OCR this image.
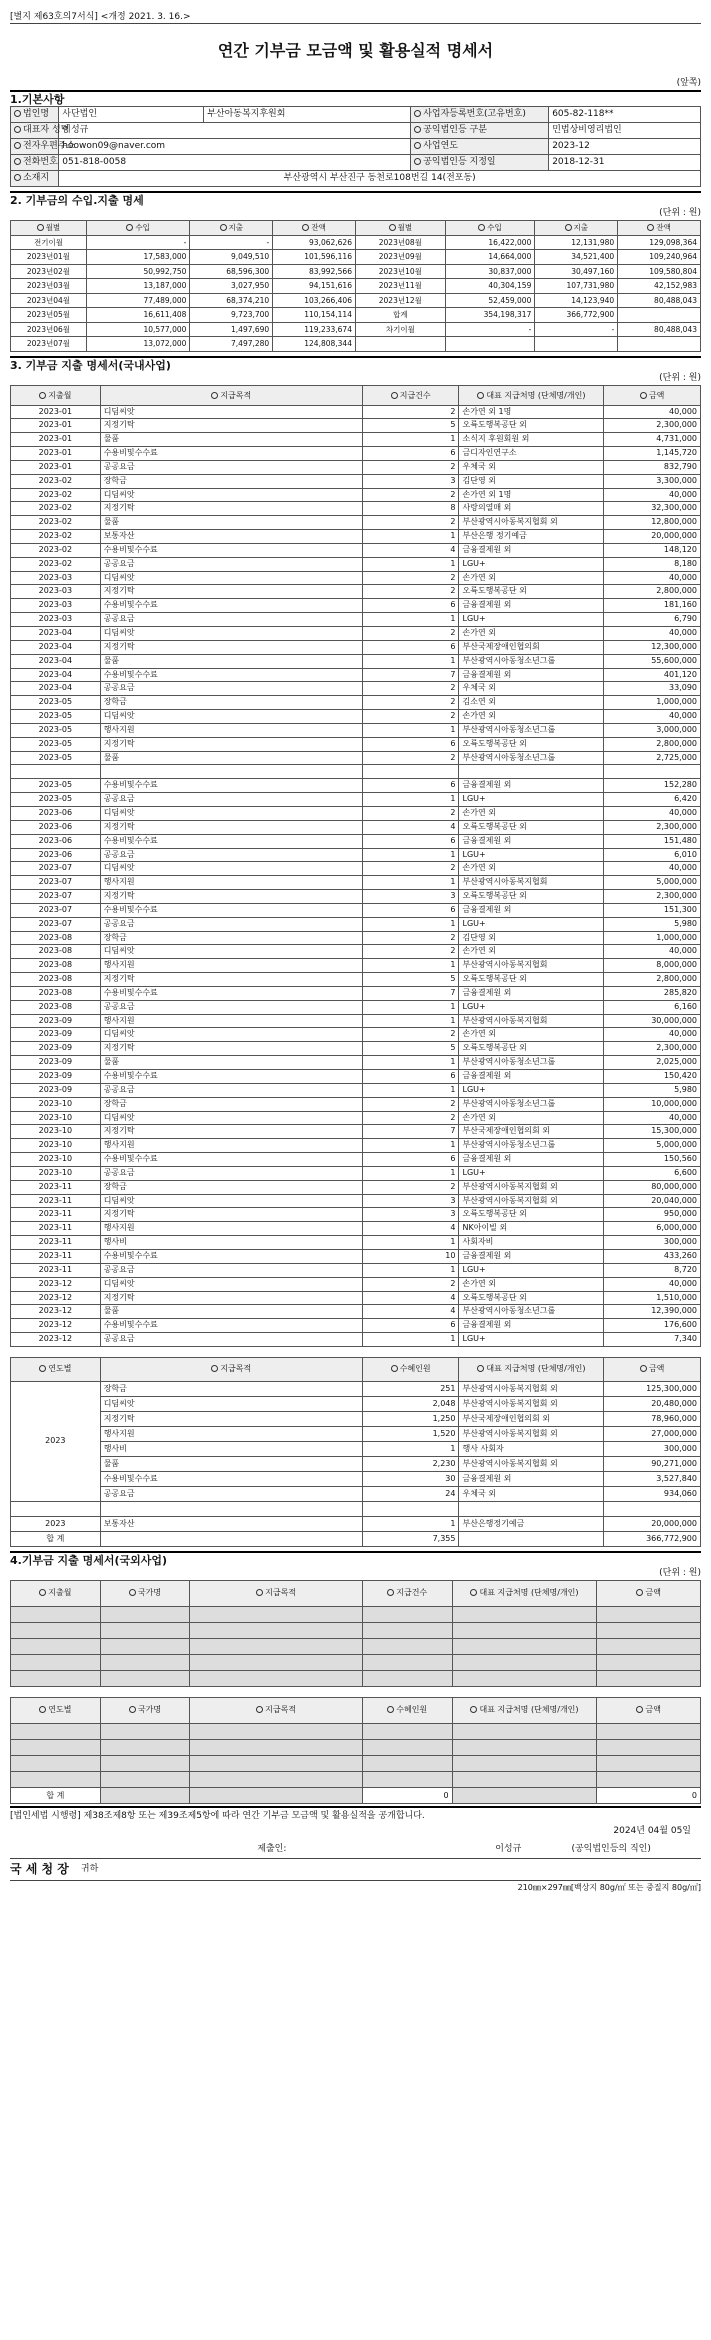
[별지 제63호의7서식] <개정 2021. 3. 16.>
연간 기부금 모금액 및 활용실적 명세서
(앞쪽)
1.기본사항
법인명	사단법인	부산아동복지후원회	사업자등록번호(고유번호)	605-82-118**
대표자 성명	이성규		공익법인등 구분	민법상비영리법인
전자우편주소	hoowon09@naver.com		사업연도	2023-12
전화번호	051-818-0058		공익법인등 지정일	2018-12-31
소재지	부산광역시 부산진구 동천로108번길 14(전포동)			
2. 기부금의 수입.지출 명세
(단위 : 원)
월별	수입	지출	잔액	월별	수입	지출	잔액
전기이월	-	-	93,062,626	2023년08월	16,422,000	12,131,980	129,098,364
2023년01월	17,583,000	9,049,510	101,596,116	2023년09월	14,664,000	34,521,400	109,240,964
2023년02월	50,992,750	68,596,300	83,992,566	2023년10월	30,837,000	30,497,160	109,580,804
2023년03월	13,187,000	3,027,950	94,151,616	2023년11월	40,304,159	107,731,980	42,152,983
2023년04월	77,489,000	68,374,210	103,266,406	2023년12월	52,459,000	14,123,940	80,488,043
2023년05월	16,611,408	9,723,700	110,154,114	합계	354,198,317	366,772,900	
2023년06월	10,577,000	1,497,690	119,233,674	차기이월	-	-	80,488,043
2023년07월	13,072,000	7,497,280	124,808,344				
3. 기부금 지출 명세서(국내사업)
(단위 : 원)
지출월	지급목적	지급건수	대표 지급처명 (단체명/개인)	금액
2023-01	디딤씨앗	2	손가연 외 1명	40,000
2023-01	지정기탁	5	오륙도행복공단 외	2,300,000
2023-01	물품	1	소식지 후원회원 외	4,731,000
2023-01	수용비및수수료	6	금디자인연구소	1,145,720
2023-01	공공요금	2	우체국 외	832,790
2023-02	장학금	3	김단영 외	3,300,000
2023-02	디딤씨앗	2	손가연 외 1명	40,000
2023-02	지정기탁	8	사랑의열매 외	32,300,000
2023-02	물품	2	부산광역시아동복지협회 외	12,800,000
2023-02	보통자산	1	부산은행 정기예금	20,000,000
2023-02	수용비및수수료	4	금융결제원 외	148,120
2023-02	공공요금	1	LGU+	8,180
2023-03	디딤씨앗	2	손가연 외	40,000
2023-03	지정기탁	2	오륙도행복공단 외	2,800,000
2023-03	수용비및수수료	6	금융결제원 외	181,160
2023-03	공공요금	1	LGU+	6,790
2023-04	디딤씨앗	2	손가연 외	40,000
2023-04	지정기탁	6	부산국제장애인협의회	12,300,000
2023-04	물품	1	부산광역시아동청소년그룹	55,600,000
2023-04	수용비및수수료	7	금융결제원 외	401,120
2023-04	공공요금	2	우체국 외	33,090
2023-05	장학금	2	김소연 외	1,000,000
2023-05	디딤씨앗	2	손가연 외	40,000
2023-05	행사지원	1	부산광역시아동청소년그룹	3,000,000
2023-05	지정기탁	6	오륙도행복공단 외	2,800,000
2023-05	물품	2	부산광역시아동청소년그룹	2,725,000

2023-05	수용비및수수료	6	금융결제원 외	152,280
2023-05	공공요금	1	LGU+	6,420
2023-06	디딤씨앗	2	손가연 외	40,000
2023-06	지정기탁	4	오륙도행복공단 외	2,300,000
2023-06	수용비및수수료	6	금융결제원 외	151,480
2023-06	공공요금	1	LGU+	6,010
2023-07	디딤씨앗	2	손가연 외	40,000
2023-07	행사지원	1	부산광역시아동복지협회	5,000,000
2023-07	지정기탁	3	오륙도행복공단 외	2,300,000
2023-07	수용비및수수료	6	금융결제원 외	151,300
2023-07	공공요금	1	LGU+	5,980
2023-08	장학금	2	김단영 외	1,000,000
2023-08	디딤씨앗	2	손가연 외	40,000
2023-08	행사지원	1	부산광역시아동복지협회	8,000,000
2023-08	지정기탁	5	오륙도행복공단 외	2,800,000
2023-08	수용비및수수료	7	금융결제원 외	285,820
2023-08	공공요금	1	LGU+	6,160
2023-09	행사지원	1	부산광역시아동복지협회	30,000,000
2023-09	디딤씨앗	2	손가연 외	40,000
2023-09	지정기탁	5	오륙도행복공단 외	2,300,000
2023-09	물품	1	부산광역시아동청소년그룹	2,025,000
2023-09	수용비및수수료	6	금융결제원 외	150,420
2023-09	공공요금	1	LGU+	5,980
2023-10	장학금	2	부산광역시아동청소년그룹	10,000,000
2023-10	디딤씨앗	2	손가연 외	40,000
2023-10	지정기탁	7	부산국제장애인협의회 외	15,300,000
2023-10	행사지원	1	부산광역시아동청소년그룹	5,000,000
2023-10	수용비및수수료	6	금융결제원 외	150,560
2023-10	공공요금	1	LGU+	6,600
2023-11	장학금	2	부산광역시아동복지협회 외	80,000,000
2023-11	디딤씨앗	3	부산광역시아동복지협회 외	20,040,000
2023-11	지정기탁	3	오륙도행복공단 외	950,000
2023-11	행사지원	4	NK아이빌 외	6,000,000
2023-11	행사비	1	사회자비	300,000
2023-11	수용비및수수료	10	금융결제원 외	433,260
2023-11	공공요금	1	LGU+	8,720
2023-12	디딤씨앗	2	손가연 외	40,000
2023-12	지정기탁	4	오륙도행복공단 외	1,510,000
2023-12	물품	4	부산광역시아동청소년그룹	12,390,000
2023-12	수용비및수수료	6	금융결제원 외	176,600
2023-12	공공요금	1	LGU+	7,340
연도별	지급목적	수혜인원	대표 지급처명 (단체명/개인)	금액
2023	장학금	251	부산광역시아동복지협회 외	125,300,000
	디딤씨앗	2,048	부산광역시아동복지협회 외	20,480,000
	지정기탁	1,250	부산국제장애인협의회 외	78,960,000
	행사지원	1,520	부산광역시아동복지협회 외	27,000,000
	행사비	1	행사 사회자	300,000
	물품	2,230	부산광역시아동복지협회 외	90,271,000
	수용비및수수료	30	금융결제원 외	3,527,840
	공공요금	24	우체국 외	934,060

2023	보통자산	1	부산은행정기예금	20,000,000
합 계		7,355		366,772,900
4.기부금 지출 명세서(국외사업)
(단위 : 원)
지출월	국가명	지급목적	지급건수	대표 지급처명 (단체명/개인)	금액

연도별	국가명	지급목적	수혜인원	대표 지급처명 (단체명/개인)	금액

합 계			0		0
[법인세법 시행령] 제38조제8항 또는 제39조제5항에 따라 연간 기부금 모금액 및 활용실적을 공개합니다.
2024년 04월 05일
제출인:	이성규	(공익법인등의 직인)
국 세 청 장 귀하
210㎜×297㎜[백상지 80g/㎡ 또는 중질지 80g/㎡]
